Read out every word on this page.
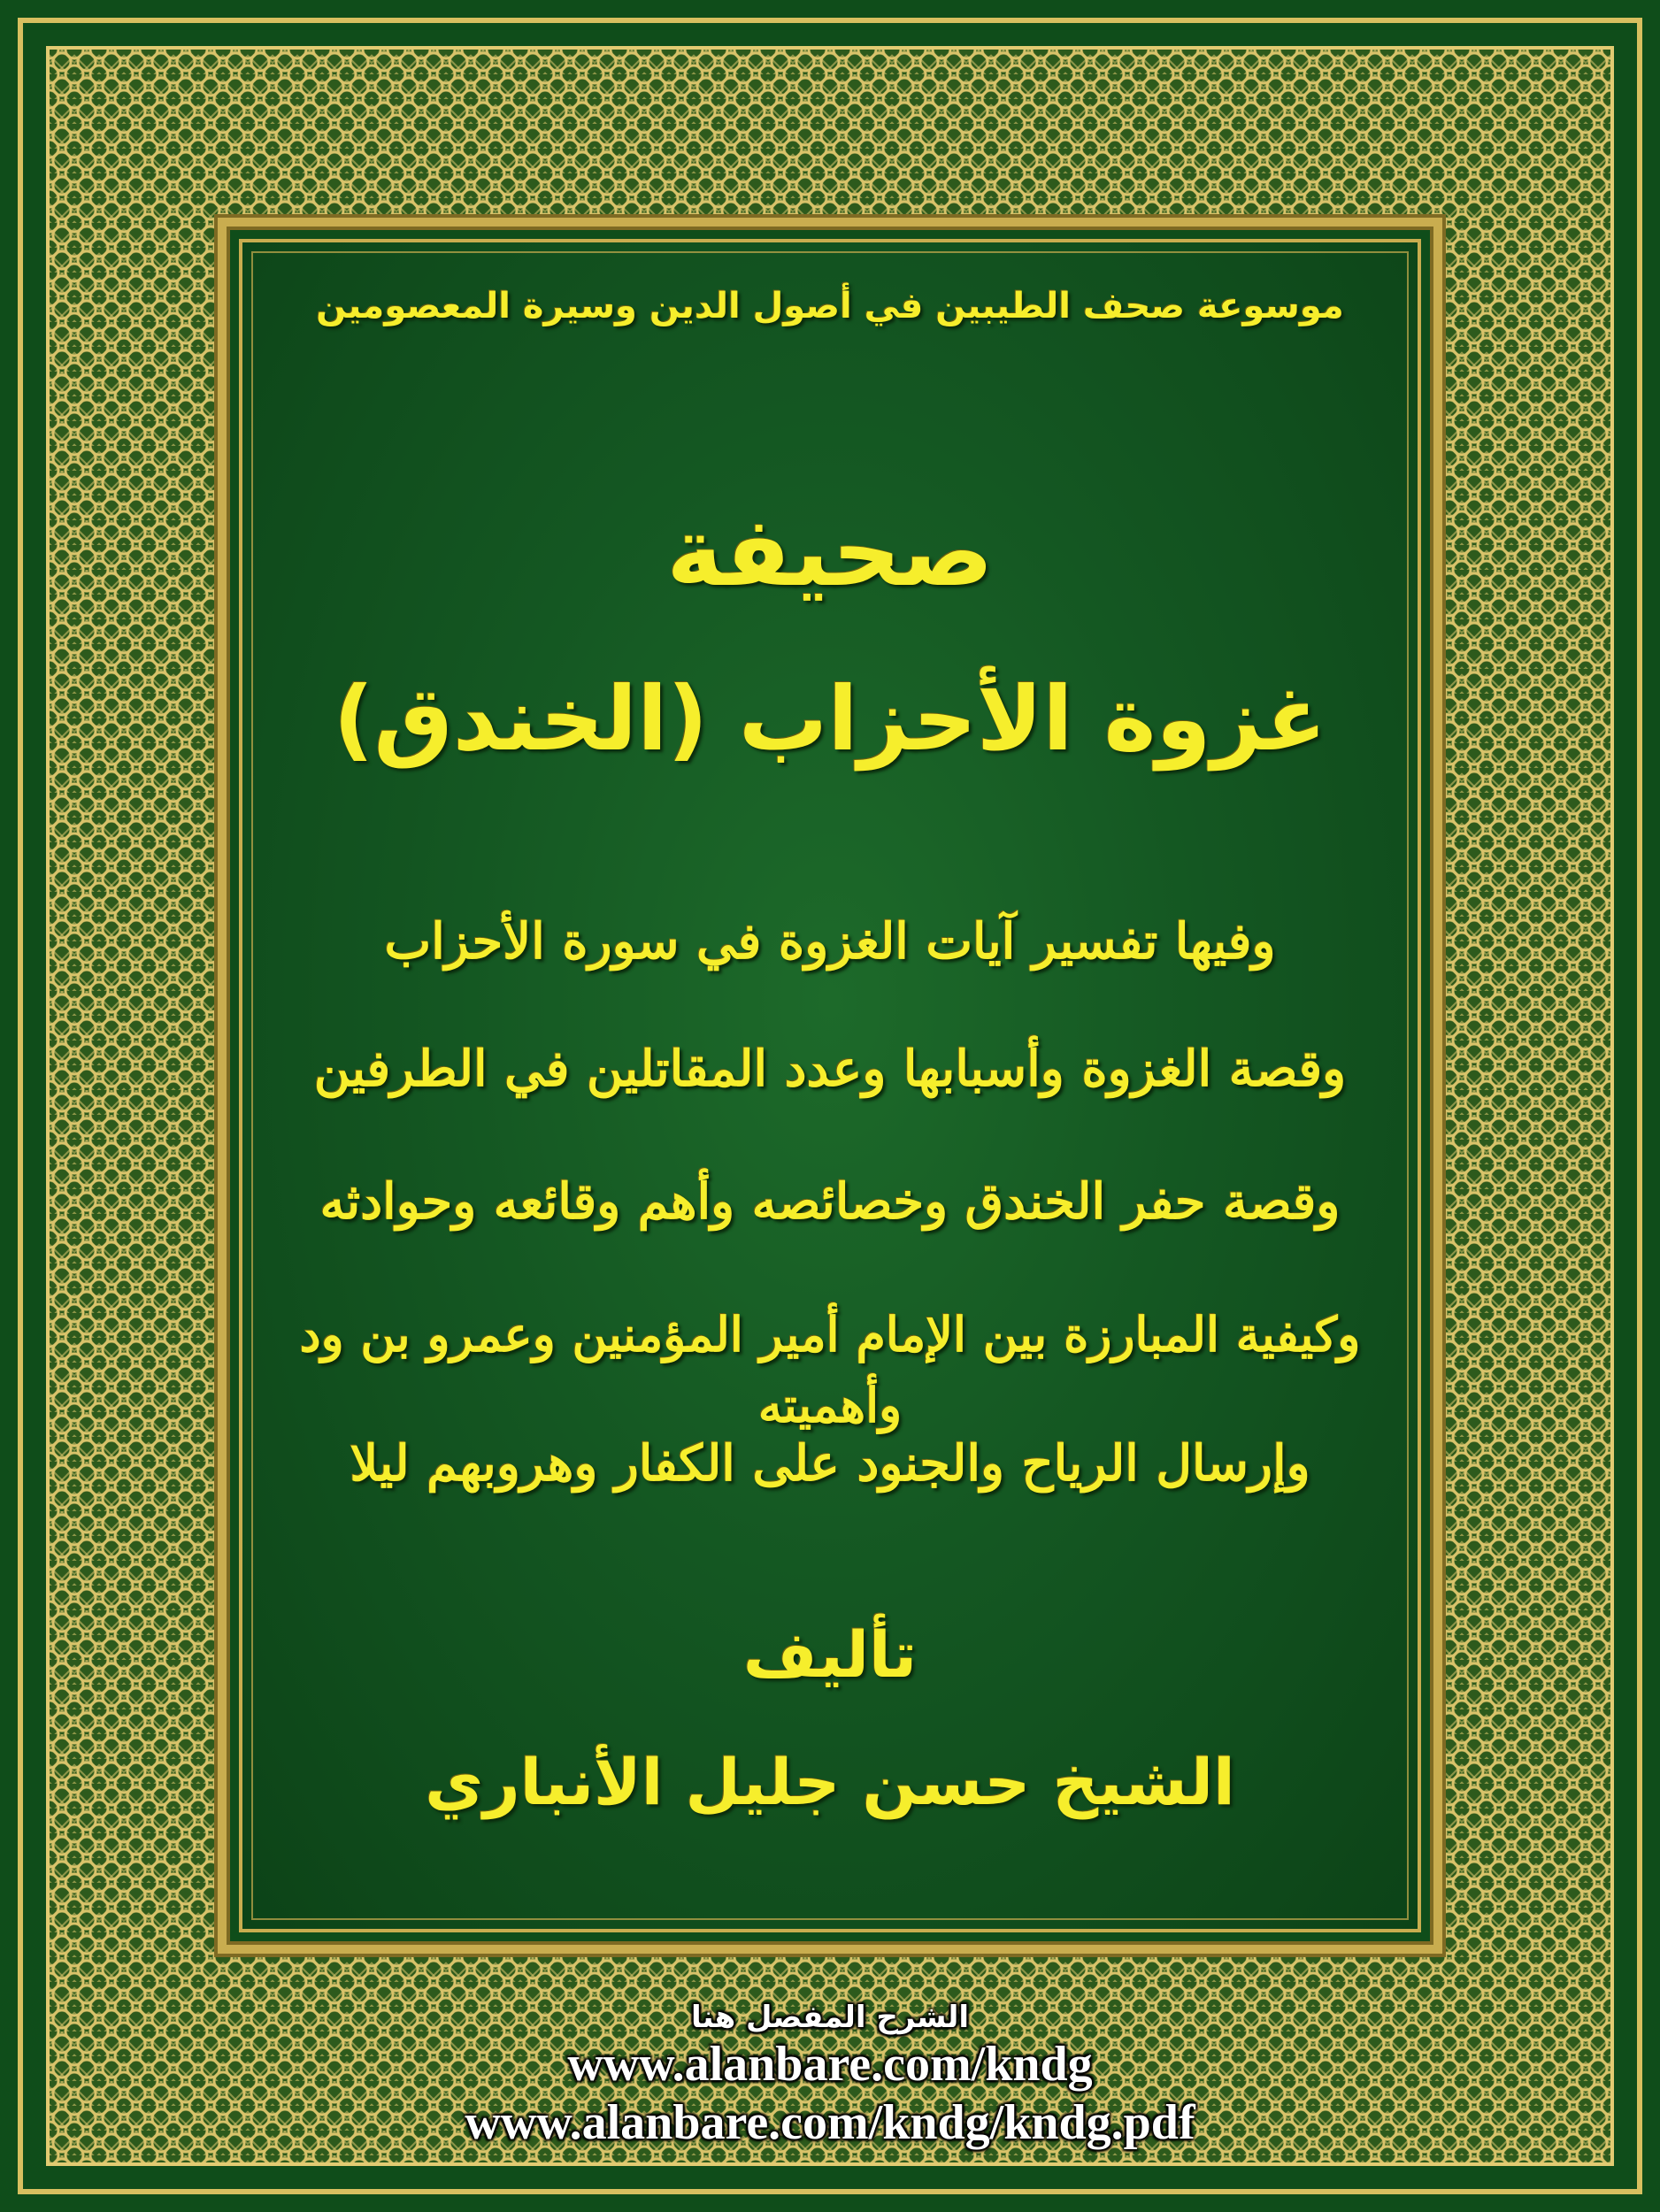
موسوعة صحف الطيبين في أصول الدين وسيرة المعصومين
صحيفة
غزوة الأحزاب (الخندق)
وفيها تفسير آيات الغزوة في سورة الأحزاب
وقصة الغزوة وأسبابها وعدد المقاتلين في الطرفين
وقصة حفر الخندق وخصائصه وأهم وقائعه وحوادثه
وكيفية المبارزة بين الإمام أمير المؤمنين وعمرو بن ود وأهميته
وإرسال الرياح والجنود على الكفار وهروبهم ليلا
تأليف
الشيخ حسن جليل الأنباري
الشرح المفصل هنا
www.alanbare.com/kndg
www.alanbare.com/kndg/kndg.pdf
